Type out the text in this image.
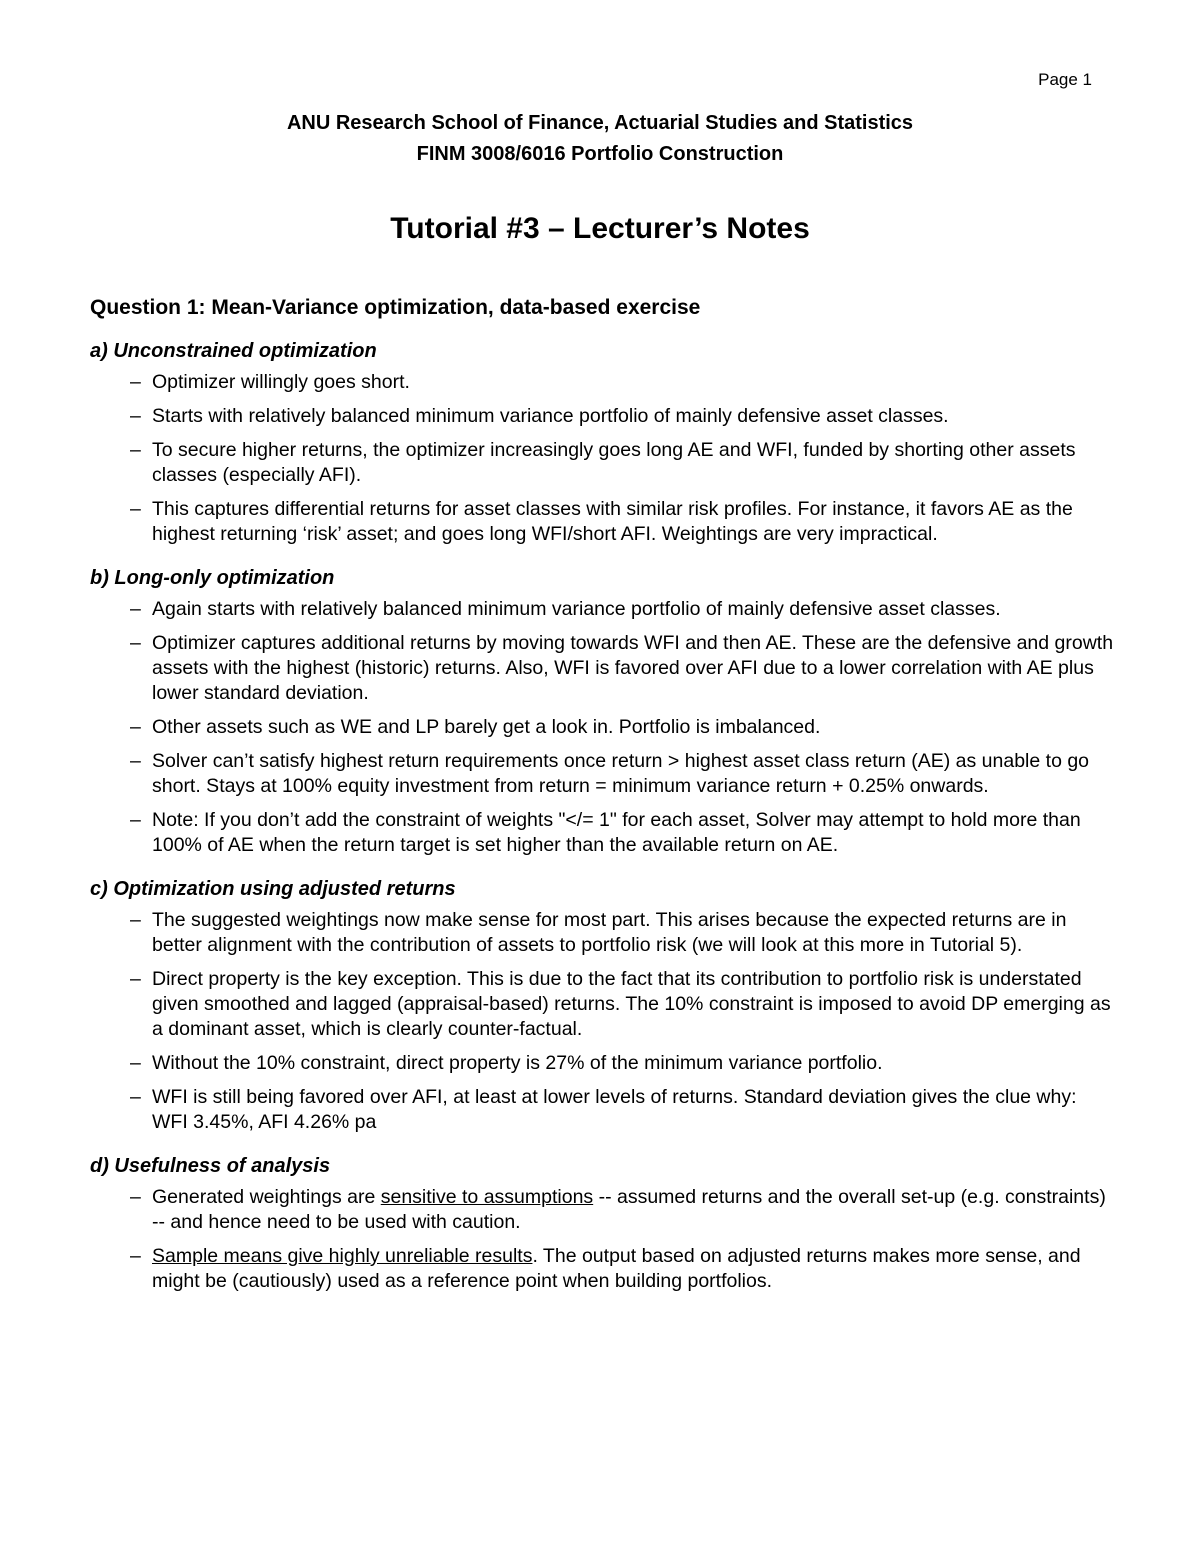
Page 1
ANU Research School of Finance, Actuarial Studies and Statistics
FINM 3008/6016 Portfolio Construction
Tutorial #3 – Lecturer’s Notes
Question 1: Mean-Variance optimization, data-based exercise
a) Unconstrained optimization
– Optimizer willingly goes short.
– Starts with relatively balanced minimum variance portfolio of mainly defensive asset classes.
– To secure higher returns, the optimizer increasingly goes long AE and WFI, funded by shorting other assets classes (especially AFI).
– This captures differential returns for asset classes with similar risk profiles. For instance, it favors AE as the highest returning ‘risk’ asset; and goes long WFI/short AFI. Weightings are very impractical.
b) Long-only optimization
– Again starts with relatively balanced minimum variance portfolio of mainly defensive asset classes.
– Optimizer captures additional returns by moving towards WFI and then AE. These are the defensive and growth assets with the highest (historic) returns. Also, WFI is favored over AFI due to a lower correlation with AE plus lower standard deviation.
– Other assets such as WE and LP barely get a look in. Portfolio is imbalanced.
– Solver can’t satisfy highest return requirements once return > highest asset class return (AE) as unable to go short. Stays at 100% equity investment from return = minimum variance return + 0.25% onwards.
– Note: If you don’t add the constraint of weights "</= 1" for each asset, Solver may attempt to hold more than 100% of AE when the return target is set higher than the available return on AE.
c) Optimization using adjusted returns
– The suggested weightings now make sense for most part. This arises because the expected returns are in better alignment with the contribution of assets to portfolio risk (we will look at this more in Tutorial 5).
– Direct property is the key exception. This is due to the fact that its contribution to portfolio risk is understated given smoothed and lagged (appraisal-based) returns. The 10% constraint is imposed to avoid DP emerging as a dominant asset, which is clearly counter-factual.
– Without the 10% constraint, direct property is 27% of the minimum variance portfolio.
– WFI is still being favored over AFI, at least at lower levels of returns. Standard deviation gives the clue why: WFI 3.45%, AFI 4.26% pa
d) Usefulness of analysis
– Generated weightings are sensitive to assumptions -- assumed returns and the overall set-up (e.g. constraints) -- and hence need to be used with caution.
– Sample means give highly unreliable results. The output based on adjusted returns makes more sense, and might be (cautiously) used as a reference point when building portfolios.
